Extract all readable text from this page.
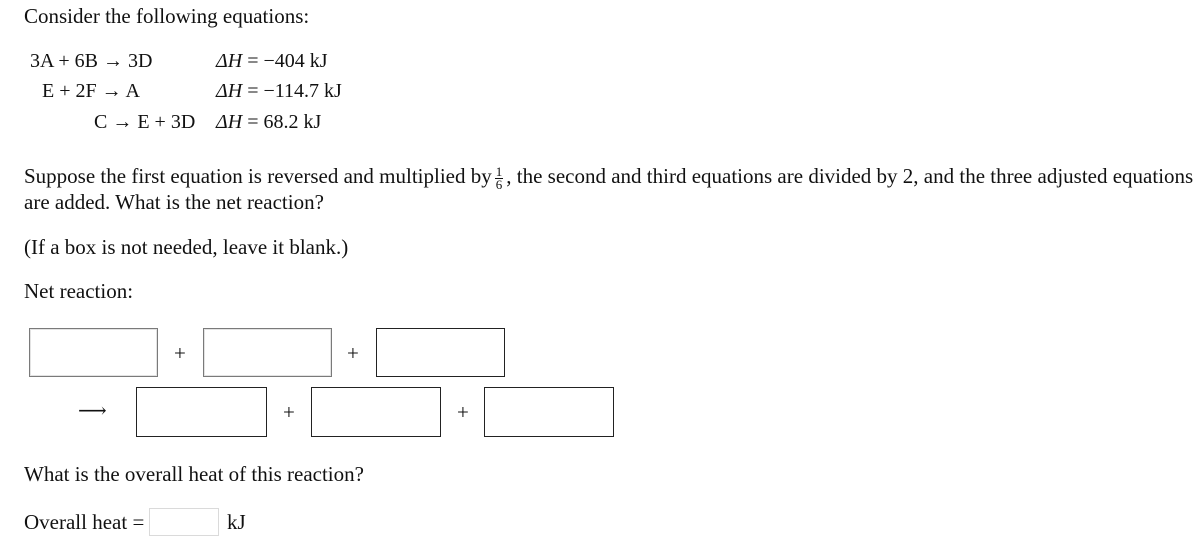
Consider the following equations:
3A + 6B → 3D	ΔH = −404 kJ
E + 2F → A	ΔH = −114.7 kJ
C → E + 3D ΔH = 68.2 kJ
Suppose the first equation is reversed and multiplied by $\frac{1}{6}$ , the second and third equations are divided by 2, and the three adjusted equations
are added. What is the net reaction?
(If a box is not needed, leave it blank.)
Net reaction:
+	+
⟶	+	+
What is the overall heat of this reaction?
Overall heat =	kJ
